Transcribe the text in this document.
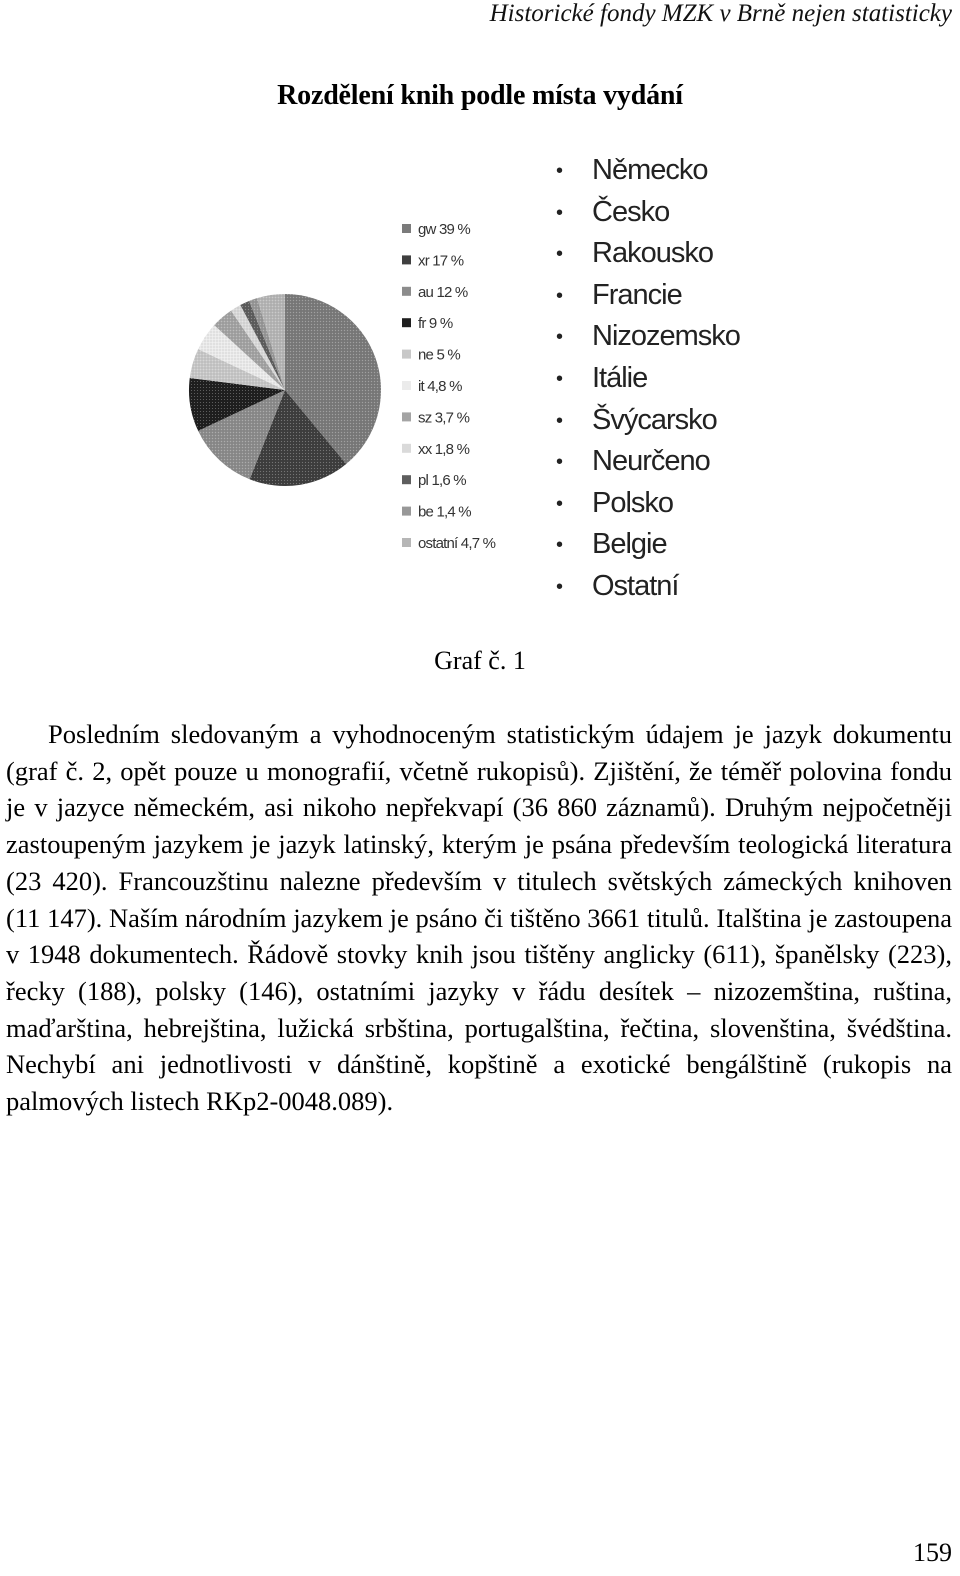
Historické fondy MZK v Brně nejen statisticky
Rozdělení knih podle místa vydání
gw 39 %
xr 17 %
au 12 %
fr 9 %
ne 5 %
it 4,8 %
sz 3,7 %
xx 1,8 %
pl 1,6 %
be 1,4 %
ostatní 4,7 %
• Německo
• Česko
• Rakousko
• Francie
• Nizozemsko
• Itálie
• Švýcarsko
• Neurčeno
• Polsko
• Belgie
• Ostatní
Graf č. 1

Posledním sledovaným a vyhodnoceným statistickým údajem je jazyk dokumentu (graf č. 2, opět pouze u monografií, včetně rukopisů). Zjištění, že téměř polovina fondu je v jazyce německém, asi nikoho nepřekvapí (36 860 záznamů). Druhým nejpočetněji zastoupeným jazykem je jazyk latinský, kterým je psána především teologická literatura (23 420). Francouzštinu nalezne především v titulech světských zámeckých knihoven (11 147). Naším národním jazykem je psáno či tištěno 3661 titulů. Italština je zastoupena v 1948 dokumentech. Řádově stovky knih jsou tištěny anglicky (611), španělsky (223), řecky (188), polsky (146), ostatními jazyky v řádu desítek – nizozemština, ruština, maďarština, hebrejština, lužická srbština, portugalština, řečtina, slovenština, švédština. Nechybí ani jednotlivosti v dánštině, kopštině a exotické bengálštině (rukopis na palmových listech RKp2-0048.089).

159
